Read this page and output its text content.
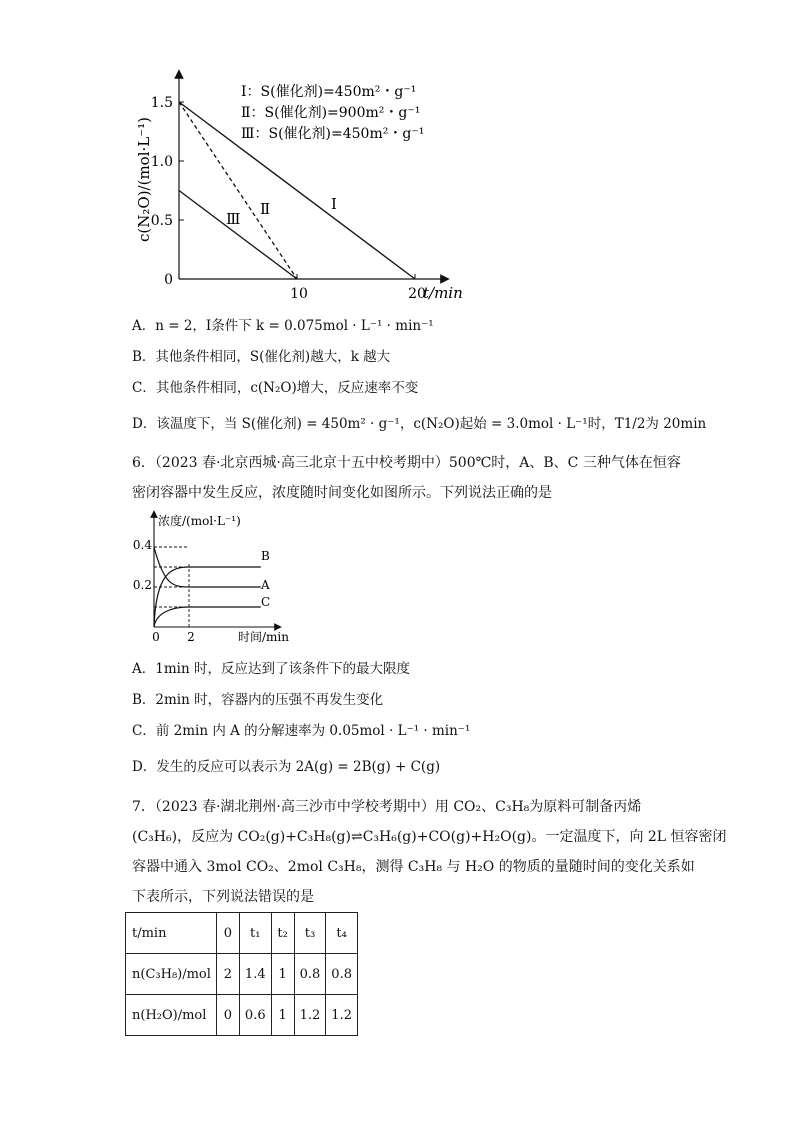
0
0.5
1.0
1.5
10	20
t/min
c(N₂O)/(mol·L⁻¹)
Ⅰ：S(催化剂)=450m²・g⁻¹
Ⅱ：S(催化剂)=900m²・g⁻¹
Ⅲ：S(催化剂)=450m²・g⁻¹
Ⅰ
Ⅱ
Ⅲ
A．n = 2，Ⅰ条件下 k = 0.075mol · L⁻¹ · min⁻¹
B．其他条件相同，S(催化剂)越大，k 越大
C．其他条件相同，c(N₂O)增大，反应速率不变
D．该温度下，当 S(催化剂) = 450m² · g⁻¹，c(N₂O)起始 = 3.0mol · L⁻¹时，T1/2为 20min
6．（2023 春·北京西城·高三北京十五中校考期中）500℃时，A、B、C 三种气体在恒容
密闭容器中发生反应，浓度随时间变化如图所示。下列说法正确的是
浓度/(mol·L⁻¹)
0.4
0.2
0 2	时间/min
A
B
C
A．1min 时，反应达到了该条件下的最大限度
B．2min 时，容器内的压强不再发生变化
C．前 2min 内 A 的分解速率为 0.05mol · L⁻¹ · min⁻¹
D．发生的反应可以表示为 2A(g) = 2B(g) + C(g)
7．（2023 春·湖北荆州·高三沙市中学校考期中）用 CO₂、C₃H₈为原料可制备丙烯
(C₃H₆)，反应为 CO₂(g)+C₃H₈(g)⇌C₃H₆(g)+CO(g)+H₂O(g)。一定温度下，向 2L 恒容密闭
容器中通入 3mol CO₂、2mol C₃H₈，测得 C₃H₈ 与 H₂O 的物质的量随时间的变化关系如
下表所示，下列说法错误的是
t/min	0	t₁	t₂	t₃	t₄
n(C₃H₈)/mol	2	1.4	1	0.8	0.8
n(H₂O)/mol	0	0.6	1	1.2	1.2
